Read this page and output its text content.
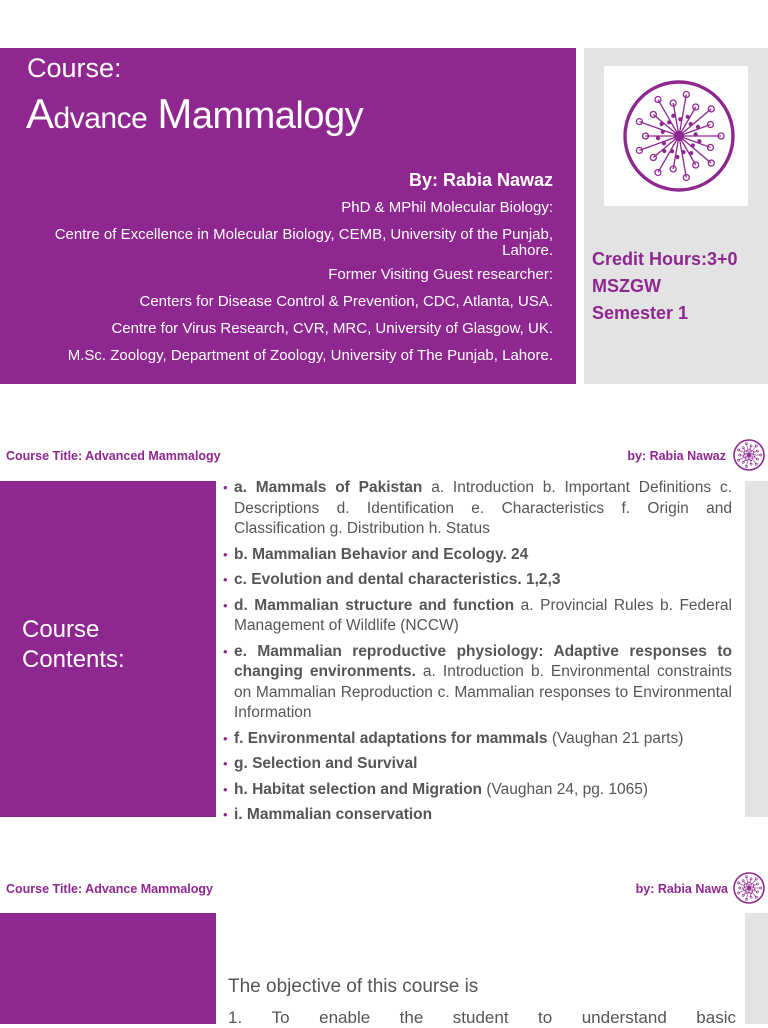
Course:
Advance Mammalogy
By: Rabia Nawaz
PhD & MPhil Molecular Biology:
Centre of Excellence in Molecular Biology, CEMB, University of the Punjab,
Lahore.
Former Visiting Guest researcher:
Centers for Disease Control & Prevention, CDC, Atlanta, USA.
Centre for Virus Research, CVR, MRC, University of Glasgow, UK.
M.Sc. Zoology, Department of Zoology, University of The Punjab, Lahore.
Credit Hours:3+0
MSZGW
Semester 1
Course Title: Advanced Mammalogy	by: Rabia Nawaz
Course
Contents:
• a. Mammals of Pakistan a. Introduction b. Important Definitions c. Descriptions d. Identification e. Characteristics f. Origin and Classification g. Distribution h. Status
• b. Mammalian Behavior and Ecology. 24
• c. Evolution and dental characteristics. 1,2,3
• d. Mammalian structure and function a. Provincial Rules b. Federal Management of Wildlife (NCCW)
• e. Mammalian reproductive physiology: Adaptive responses to changing environments. a. Introduction b. Environmental constraints on Mammalian Reproduction c. Mammalian responses to Environmental Information
• f. Environmental adaptations for mammals (Vaughan 21 parts)
• g. Selection and Survival
• h. Habitat selection and Migration (Vaughan 24, pg. 1065)
• i. Mammalian conservation
Course Title: Advance Mammalogy	by: Rabia Nawa
The objective of this course is
1. To enable the student to understand basic
